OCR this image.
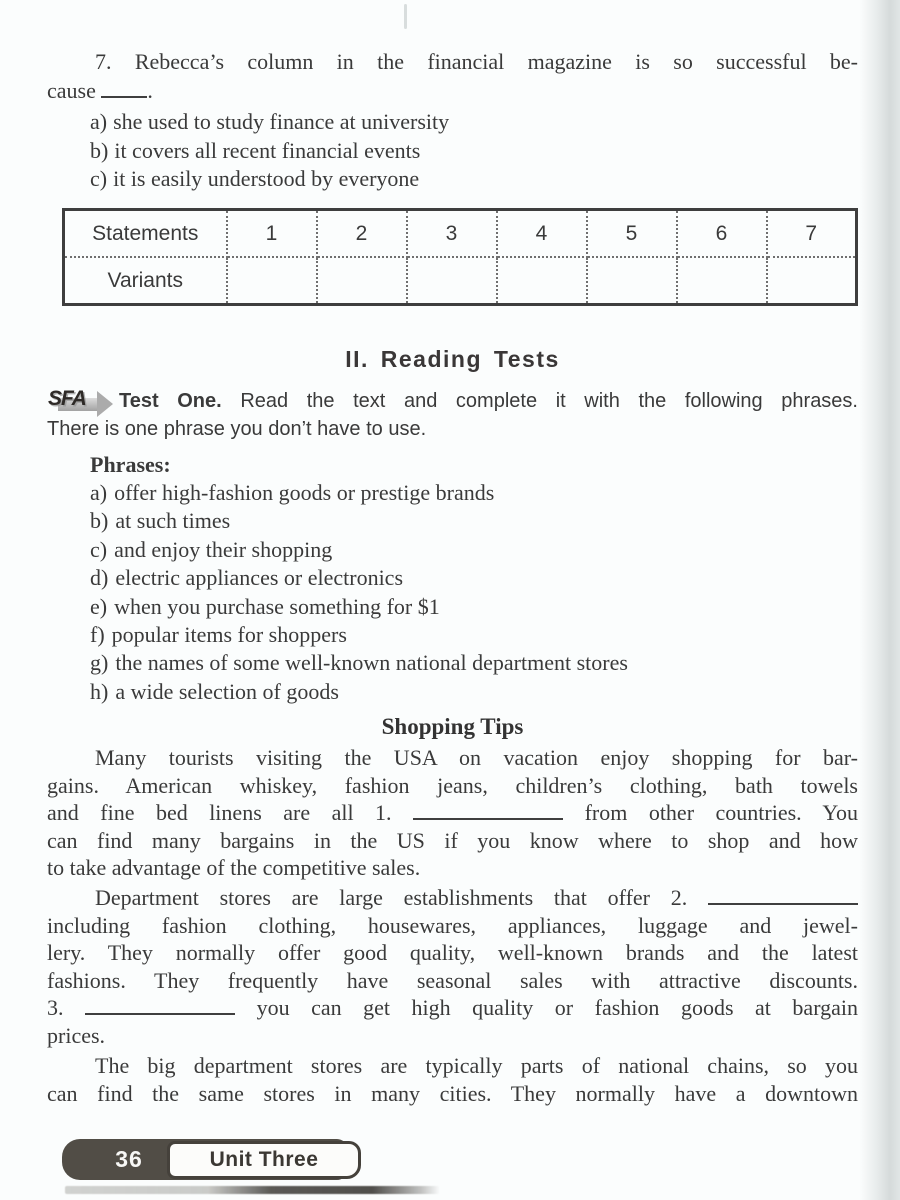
7. Rebecca’s column in the financial magazine is so successful be-
cause .
a) she used to study finance at university
b) it covers all recent financial events
c) it is easily understood by everyone
Statements	1	2	3	4	5	6	7
Variants							
II. Reading Tests
SFA	Test One. Read the text and complete it with the following phrases.
There is one phrase you don’t have to use.
Phrases:
a) offer high-fashion goods or prestige brands
b) at such times
c) and enjoy their shopping
d) electric appliances or electronics
e) when you purchase something for $1
f) popular items for shoppers
g) the names of some well-known national department stores
h) a wide selection of goods
Shopping Tips
Many tourists visiting the USA on vacation enjoy shopping for bar-
gains. American whiskey, fashion jeans, children’s clothing, bath towels
and fine bed linens are all 1.	from other countries. You
can find many bargains in the US if you know where to shop and how
to take advantage of the competitive sales.
Department stores are large establishments that offer 2.
including fashion clothing, housewares, appliances, luggage and jewel-
lery. They normally offer good quality, well-known brands and the latest
fashions. They frequently have seasonal sales with attractive discounts.
3.	you can get high quality or fashion goods at bargain
prices.
The big department stores are typically parts of national chains, so you
can find the same stores in many cities. They normally have a downtown
36	Unit Three
